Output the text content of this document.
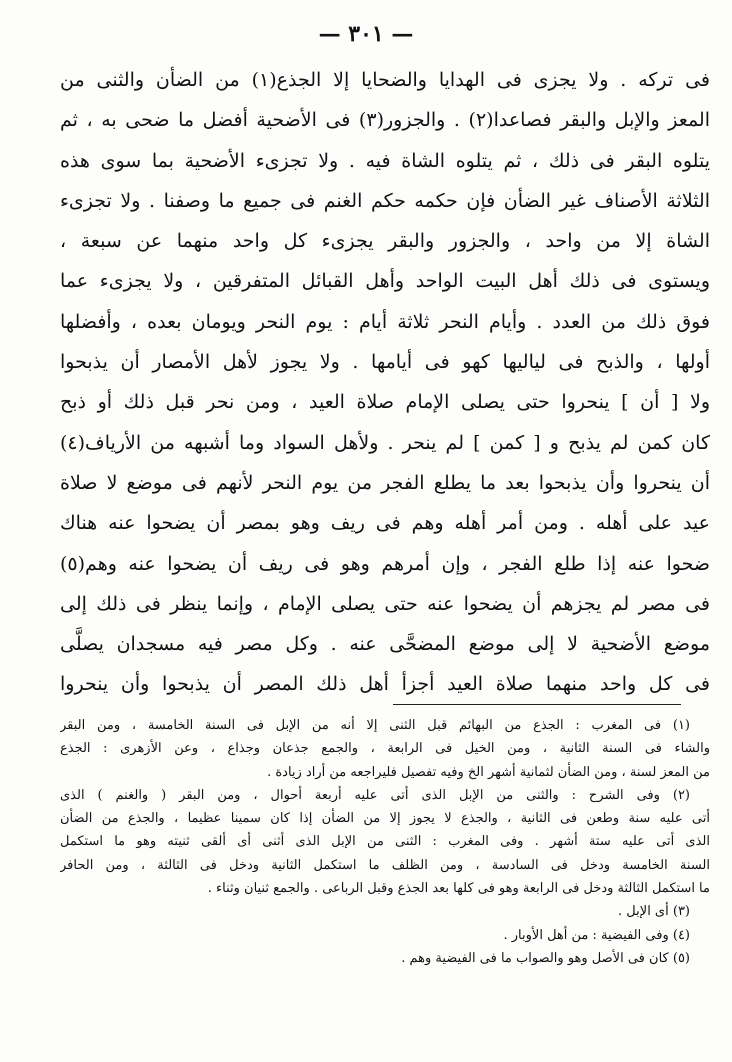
— ٣٠١ —
فى تركه . ولا يجزى فى الهدايا والضحايا إلا الجذع(١) من الضأن والثنى من
المعز والإبل والبقر فصاعدا(٢) . والجزور(٣) فى الأضحية أفضل ما ضحى به ، ثم
يتلوه البقر فى ذلك ، ثم يتلوه الشاة فيه . ولا تجزىء الأضحية بما سوى هذه
الثلاثة الأصناف غير الضأن فإن حكمه حكم الغنم فى جميع ما وصفنا . ولا تجزىء
الشاة إلا من واحد ، والجزور والبقر يجزىء كل واحد منهما عن سبعة ،
ويستوى فى ذلك أهل البيت الواحد وأهل القبائل المتفرقين ، ولا يجزىء عما
فوق ذلك من العدد . وأيام النحر ثلاثة أيام : يوم النحر ويومان بعده ، وأفضلها
أولها ، والذبح فى لياليها كهو فى أيامها . ولا يجوز لأهل الأمصار أن يذبحوا
ولا [ أن ] ينحروا حتى يصلى الإمام صلاة العيد ، ومن نحر قبل ذلك أو ذبح
كان كمن لم يذبح و [ كمن ] لم ينحر . ولأهل السواد وما أشبهه من الأرياف(٤)
أن ينحروا وأن يذبحوا بعد ما يطلع الفجر من يوم النحر لأنهم فى موضع لا صلاة
عيد على أهله . ومن أمر أهله وهم فى ريف وهو بمصر أن يضحوا عنه هناك
ضحوا عنه إذا طلع الفجر ، وإن أمرهم وهو فى ريف أن يضحوا عنه وهم(٥)
فى مصر لم يجزهم أن يضحوا عنه حتى يصلى الإمام ، وإنما ينظر فى ذلك إلى
موضع الأضحية لا إلى موضع المضحَّى عنه . وكل مصر فيه مسجدان يصلَّى
فى كل واحد منهما صلاة العيد أجزأ أهل ذلك المصر أن يذبحوا وأن ينحروا
(١) فى المغرب : الجذع من البهائم قبل الثنى إلا أنه من الإبل فى السنة الخامسة ، ومن البقر
والشاء فى السنة الثانية ، ومن الخيل فى الرابعة ، والجمع جذعان وجذاع ، وعن الأزهرى : الجذع
من المعز لسنة ، ومن الضأن لثمانية أشهر الخ وفيه تفصيل فليراجعه من أراد زيادة .
(٢) وفى الشرح : والثنى من الإبل الذى أتى عليه أربعة أحوال ، ومن البقر ( والغنم ) الذى
أتى عليه سنة وطعن فى الثانية ، والجذع لا يجوز إلا من الضأن إذا كان سمينا عظيما ، والجذع من الضأن
الذى أتى عليه ستة أشهر . وفى المغرب : الثنى من الإبل الذى أثنى أى ألقى ثنيته وهو ما استكمل
السنة الخامسة ودخل فى السادسة ، ومن الظلف ما استكمل الثانية ودخل فى الثالثة ، ومن الحافر
ما استكمل الثالثة ودخل فى الرابعة وهو فى كلها بعد الجذع وقبل الرباعى . والجمع ثنيان وثناء .
(٣) أى الإبل .
(٤) وفى الفيضية : من أهل الأوبار .
(٥) كان فى الأصل وهو والصواب ما فى الفيضية وهم .
